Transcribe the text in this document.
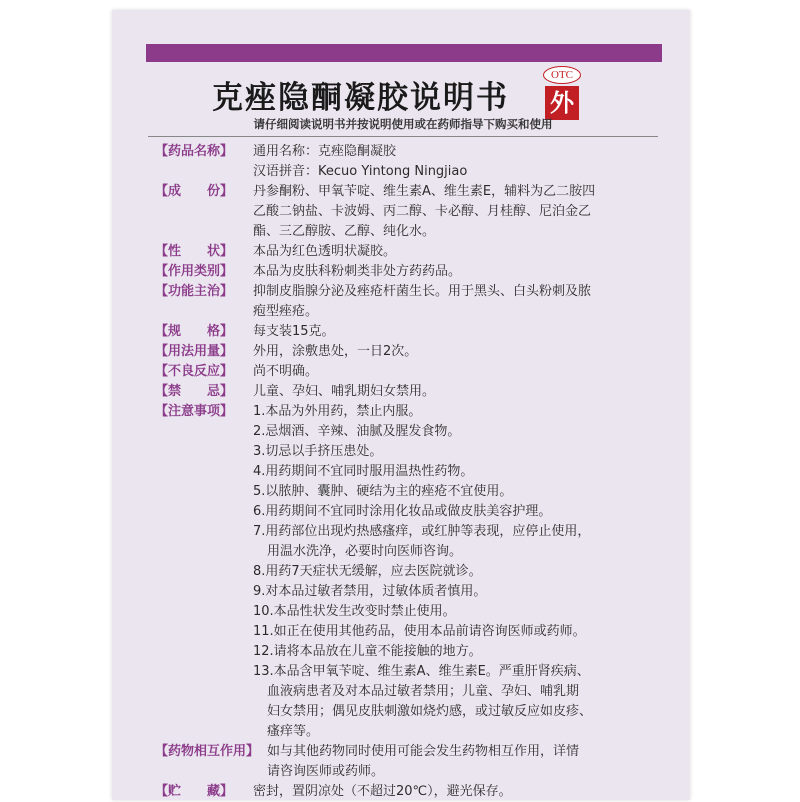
克痤隐酮凝胶说明书
OTC
外
请仔细阅读说明书并按说明使用或在药师指导下购买和使用
【药品名称】	通用名称：克痤隐酮凝胶
汉语拼音：Kecuo Yintong Ningjiao
【成　　份】	丹参酮粉、甲氧苄啶、维生素A、维生素E，辅料为乙二胺四
乙酸二钠盐、卡波姆、丙二醇、卡必醇、月桂醇、尼泊金乙
酯、三乙醇胺、乙醇、纯化水。
【性　　状】	本品为红色透明状凝胶。
【作用类别】	本品为皮肤科粉刺类非处方药药品。
【功能主治】	抑制皮脂腺分泌及痤疮杆菌生长。用于黑头、白头粉刺及脓
疱型痤疮。
【规　　格】	每支装15克。
【用法用量】	外用，涂敷患处，一日2次。
【不良反应】	尚不明确。
【禁　　忌】	儿童、孕妇、哺乳期妇女禁用。
【注意事项】	1.本品为外用药，禁止内服。
2.忌烟酒、辛辣、油腻及腥发食物。
3.切忌以手挤压患处。
4.用药期间不宜同时服用温热性药物。
5.以脓肿、囊肿、硬结为主的痤疮不宜使用。
6.用药期间不宜同时涂用化妆品或做皮肤美容护理。
7.用药部位出现灼热感瘙痒，或红肿等表现，应停止使用，
用温水洗净，必要时向医师咨询。
8.用药7天症状无缓解，应去医院就诊。
9.对本品过敏者禁用，过敏体质者慎用。
10.本品性状发生改变时禁止使用。
11.如正在使用其他药品，使用本品前请咨询医师或药师。
12.请将本品放在儿童不能接触的地方。
13.本品含甲氧苄啶、维生素A、维生素E。严重肝肾疾病、
血液病患者及对本品过敏者禁用；儿童、孕妇、哺乳期
妇女禁用；偶见皮肤刺激如烧灼感，或过敏反应如皮疹、
瘙痒等。
【药物相互作用】 如与其他药物同时使用可能会发生药物相互作用，详情
请咨询医师或药师。
【贮　　藏】	密封，置阴凉处（不超过20℃），避光保存。
